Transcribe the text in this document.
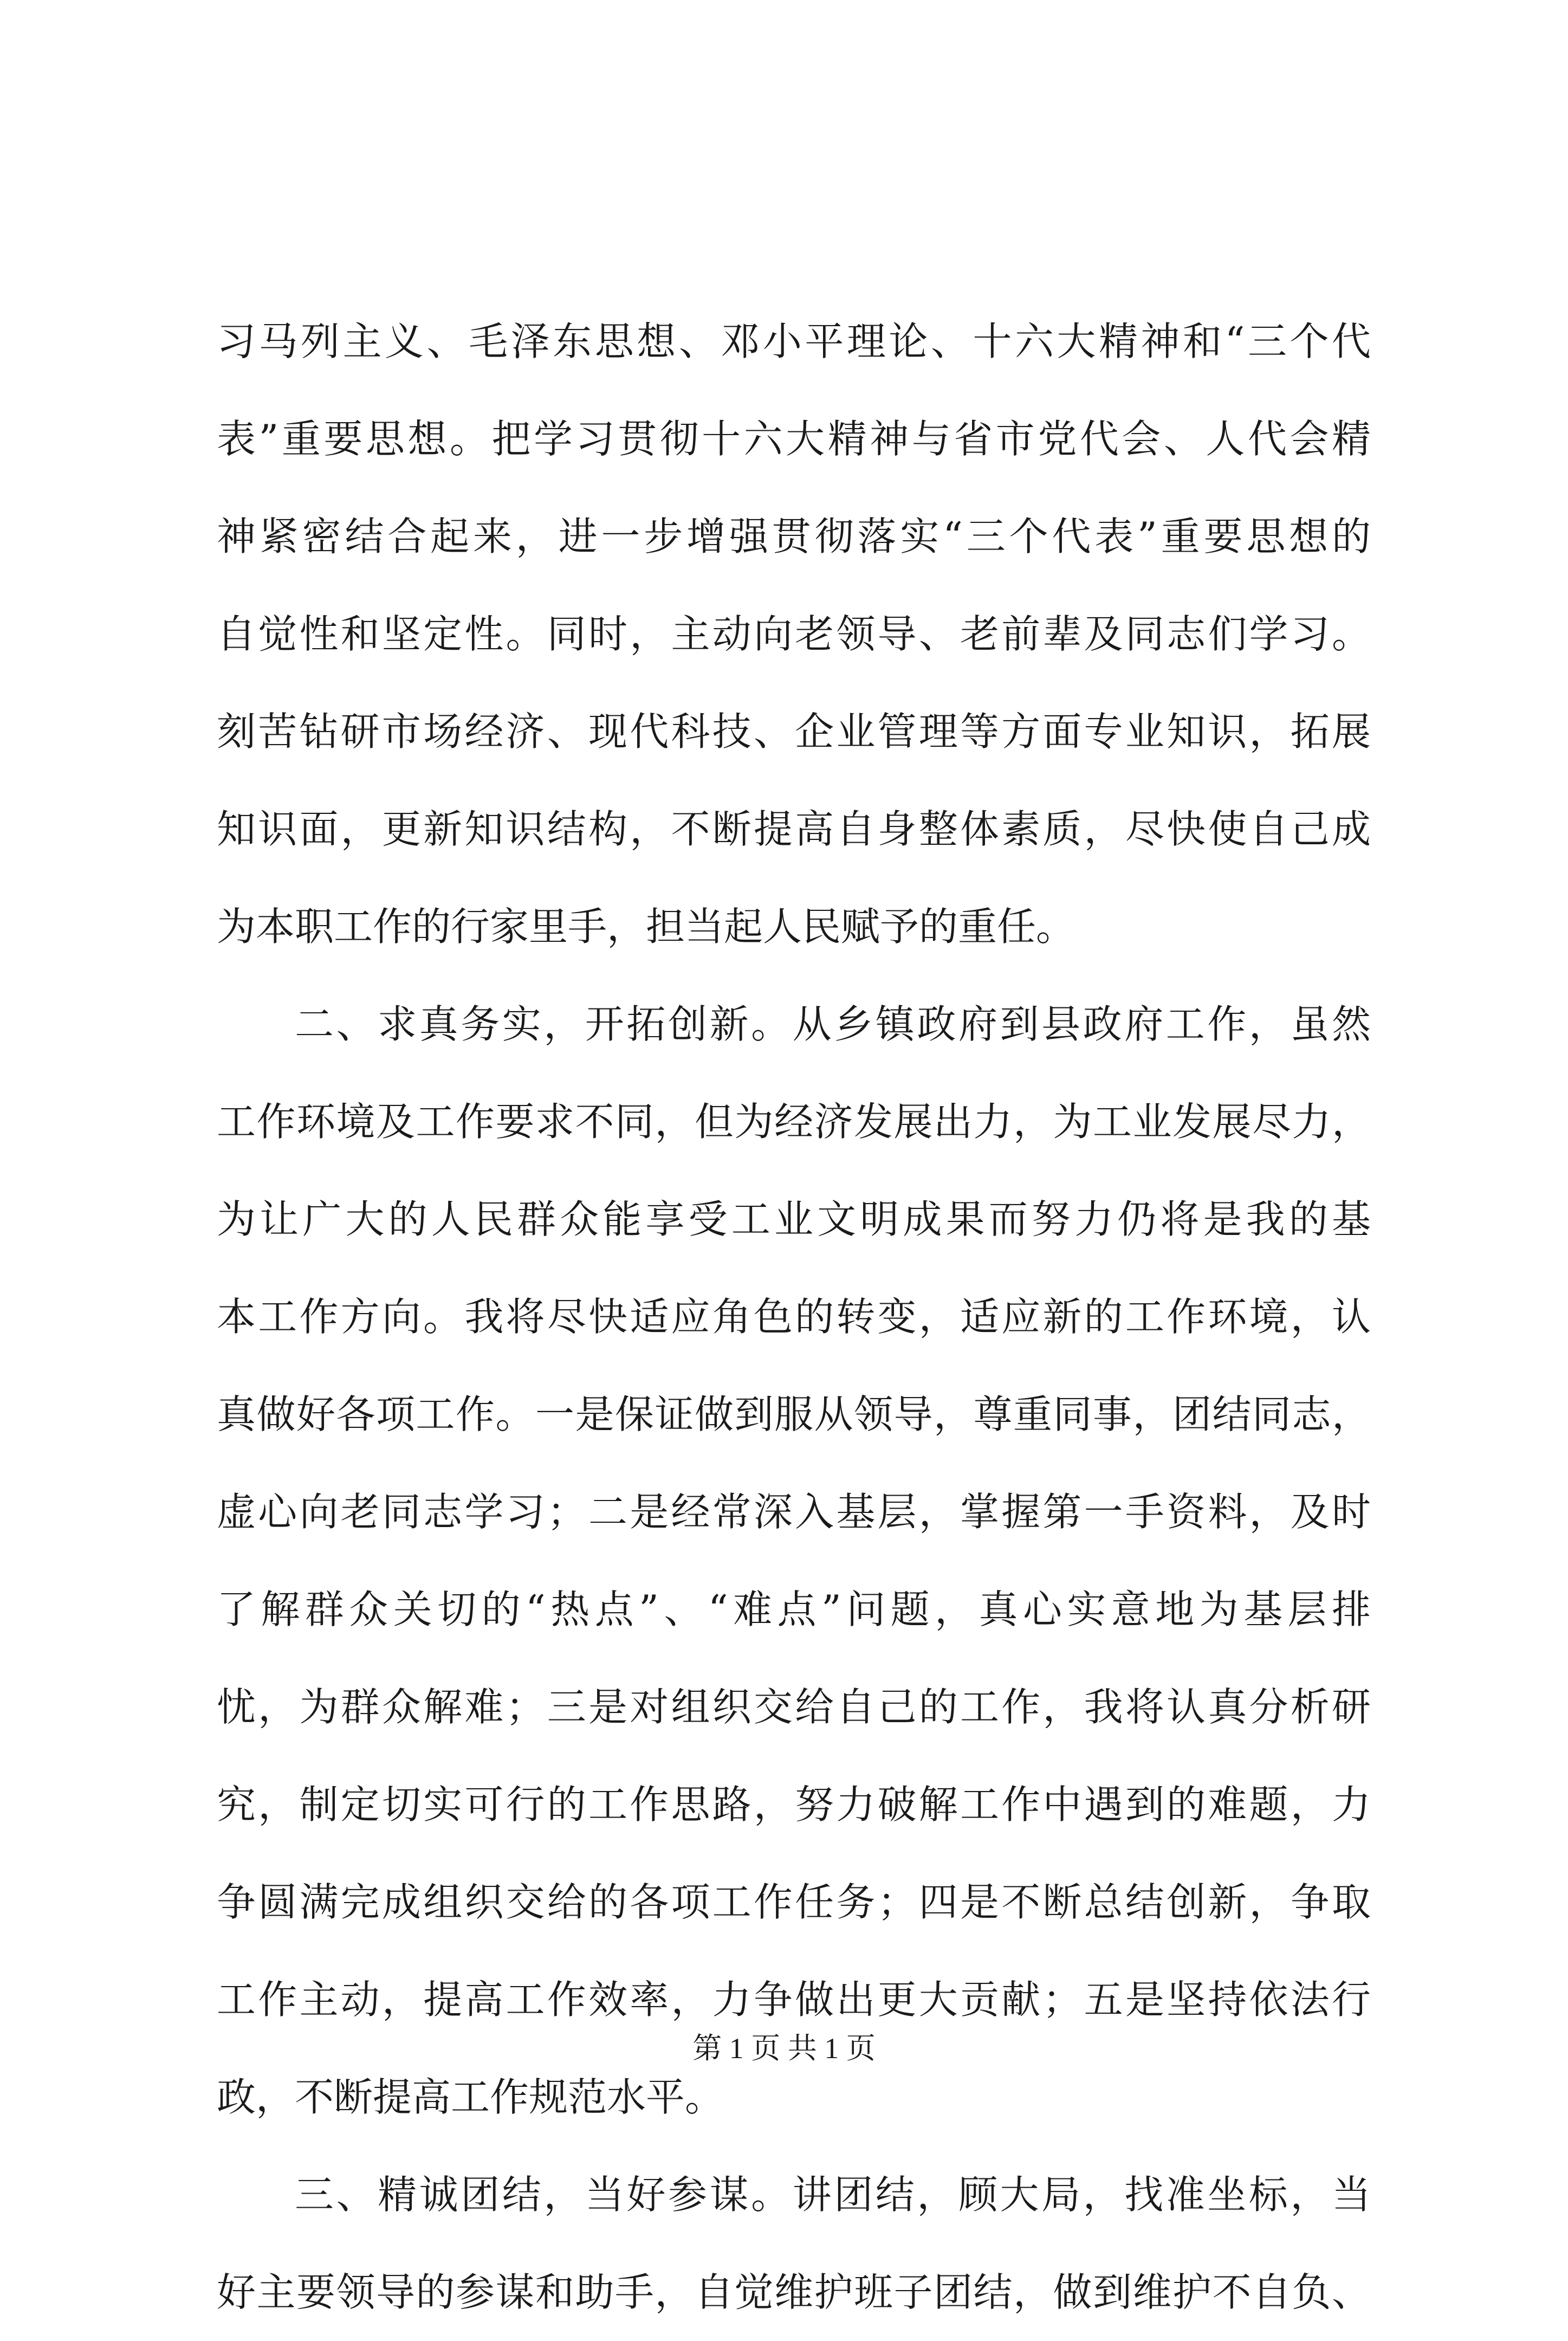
习马列主义、毛泽东思想、邓小平理论、十六大精神和“三个代
表”重要思想。把学习贯彻十六大精神与省市党代会、人代会精
神紧密结合起来，进一步增强贯彻落实“三个代表”重要思想的
自觉性和坚定性。同时，主动向老领导、老前辈及同志们学习。
刻苦钻研市场经济、现代科技、企业管理等方面专业知识，拓展
知识面，更新知识结构，不断提高自身整体素质，尽快使自己成
为本职工作的行家里手，担当起人民赋予的重任。
二、求真务实，开拓创新。从乡镇政府到县政府工作，虽然
工作环境及工作要求不同，但为经济发展出力，为工业发展尽力，
为让广大的人民群众能享受工业文明成果而努力仍将是我的基
本工作方向。我将尽快适应角色的转变，适应新的工作环境，认
真做好各项工作。一是保证做到服从领导，尊重同事，团结同志，
虚心向老同志学习；二是经常深入基层，掌握第一手资料，及时
了解群众关切的“热点”、“难点”问题，真心实意地为基层排
忧，为群众解难；三是对组织交给自己的工作，我将认真分析研
究，制定切实可行的工作思路，努力破解工作中遇到的难题，力
争圆满完成组织交给的各项工作任务；四是不断总结创新，争取
工作主动，提高工作效率，力争做出更大贡献；五是坚持依法行
政，不断提高工作规范水平。
三、精诚团结，当好参谋。讲团结，顾大局，找准坐标，当
好主要领导的参谋和助手，自觉维护班子团结，做到维护不自负、
第 1 页 共 1 页
